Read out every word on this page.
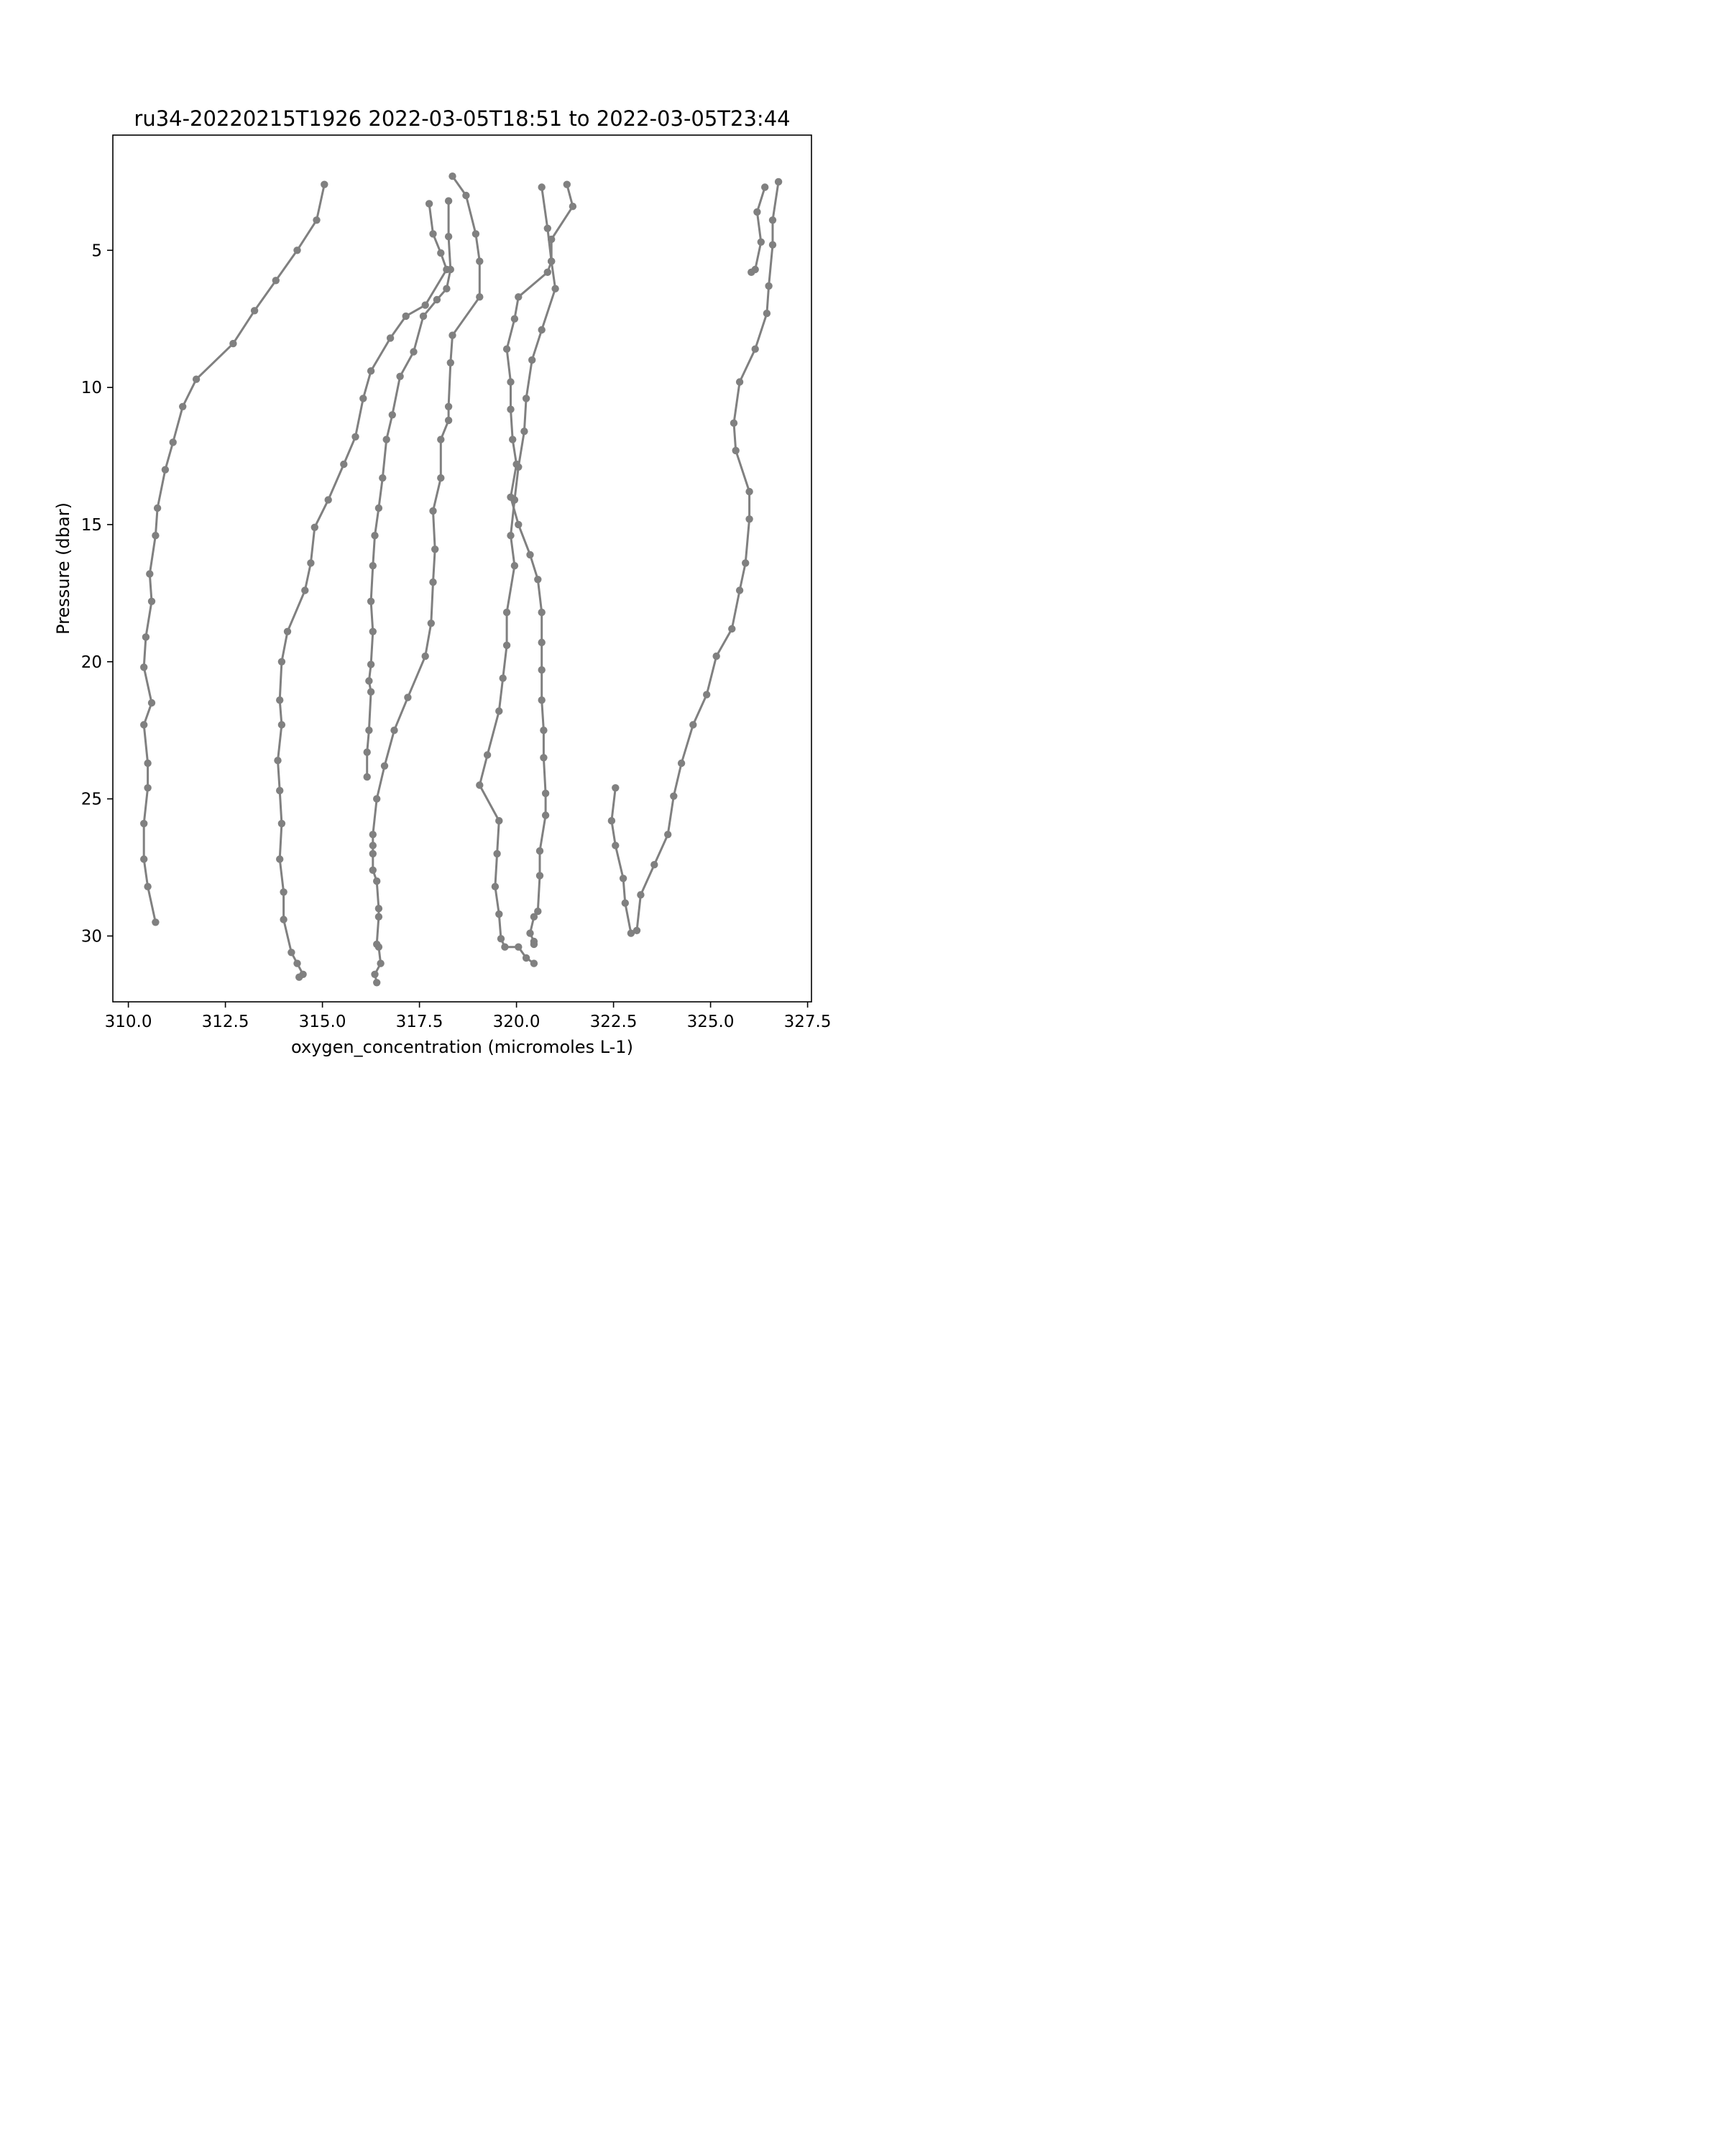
ru34-20220215T1926 2022-03-05T18:51 to 2022-03-05T23:44
310.0	312.5	315.0	317.5	320.0	322.5	325.0	327.5
5
10
15
20
25
30
oxygen_concentration (micromoles L-1)
Pressure (dbar)
